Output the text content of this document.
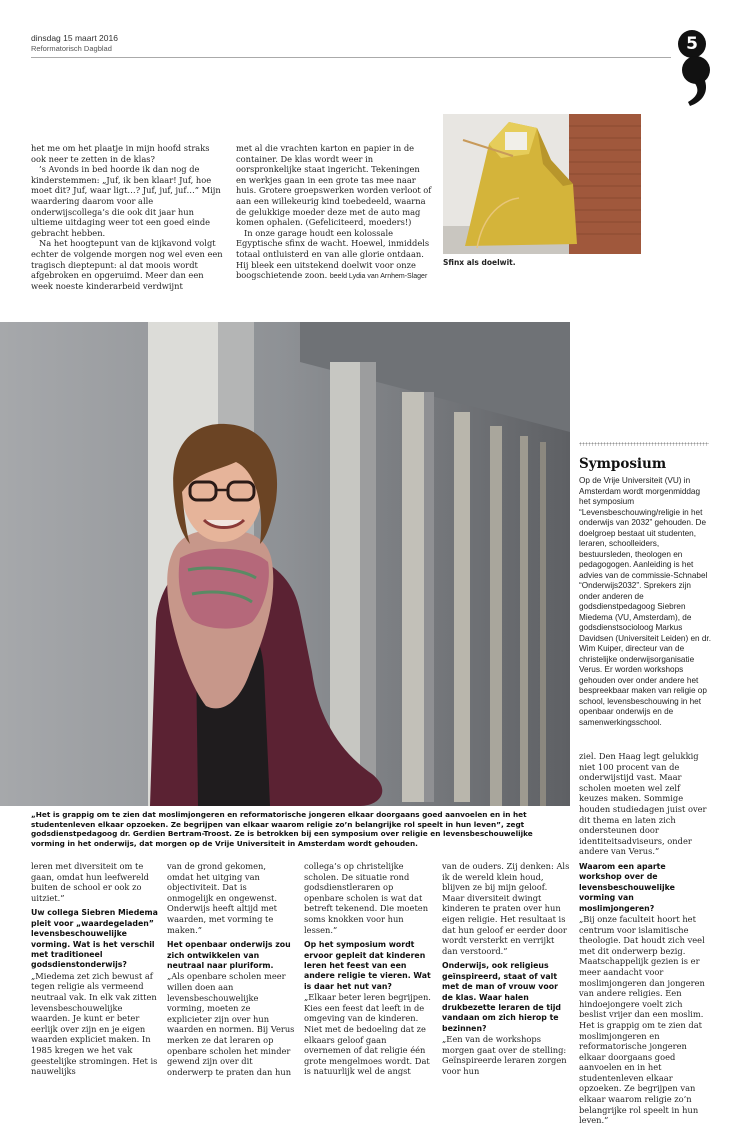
dinsdag 15 maart 2016
Reformatorisch Dagblad	5

het me om het plaatje in mijn hoofd straks ook neer te zetten in de klas?

’s Avonds in bed hoorde ik dan nog de kinderstemmen: „Juf, ik ben klaar! Juf, hoe moet dit? Juf, waar ligt…? Juf, juf, juf…” Mijn waardering daarom voor alle onderwijscollega’s die ook dit jaar hun ultieme uitdaging weer tot een goed einde gebracht hebben.

Na het hoogtepunt van de kijkavond volgt echter de volgende morgen nog wel even een tragisch dieptepunt: al dat moois wordt afgebroken en opgeruimd. Meer dan een week noeste kinderarbeid verdwijnt

met al die vrachten karton en papier in de container. De klas wordt weer in oorspronkelijke staat ingericht. Tekeningen en werkjes gaan in een grote tas mee naar huis. Grotere groepswerken worden verloot of aan een willekeurig kind toebedeeld, waarna de gelukkige moeder deze met de auto mag komen ophalen. (Gefeliciteerd, moeders!)

In onze garage houdt een kolossale Egyptische sfinx de wacht. Hoewel, inmiddels totaal ontluisterd en van alle glorie ontdaan. Hij bleek een uitstekend doelwit voor onze boogschietende zoon. beeld Lydia van Arnhem-Slager

Sfinx als doelwit.
„Het is grappig om te zien dat moslimjongeren en reformatorische jongeren elkaar doorgaans goed aanvoelen en in het studentenleven elkaar opzoeken. Ze begrijpen van elkaar waarom religie zo’n belangrijke rol speelt in hun leven”, zegt godsdienstpedagoog dr. Gerdien Bertram-Troost. Ze is betrokken bij een symposium over religie en levensbeschouwelijke vorming in het onderwijs, dat morgen op de Vrije Universiteit in Amsterdam wordt gehouden.
Symposium
Op de Vrije Universiteit (VU) in Amsterdam wordt morgenmiddag het symposium “Levensbeschouwing/religie in het onderwijs van 2032” gehouden. De doelgroep bestaat uit studenten, leraren, schoolleiders, bestuursleden, theologen en pedagogogen. Aanleiding is het advies van de commissie-Schnabel “Onderwijs2032”. Sprekers zijn onder anderen de godsdienstpedagoog Siebren Miedema (VU, Amsterdam), de godsdienstsocioloog Markus Davidsen (Universiteit Leiden) en dr. Wim Kuiper, directeur van de christelijke onderwijsorganisatie Verus. Er worden workshops gehouden over onder andere het bespreekbaar maken van religie op school, levensbeschouwing in het openbaar onderwijs en de samenwerkingsschool.

ziel. Den Haag legt gelukkig niet 100 procent van de onderwijstijd vast. Maar scholen moeten wel zelf keuzes maken. Sommige houden studiedagen juist over dit thema en laten zich ondersteunen door identiteitsadviseurs, onder andere van Verus.”

Waarom een aparte workshop over de levensbeschouwelijke vorming van moslimjongeren?

„Bij onze faculteit hoort het centrum voor islamitische theologie. Dat houdt zich veel met dit onderwerp bezig. Maatschappelijk gezien is er meer aandacht voor moslimjongeren dan jongeren van andere religies. Een hindoejongere voelt zich beslist vrijer dan een moslim. Het is grappig om te zien dat moslimjongeren en reformatorische jongeren elkaar doorgaans goed aanvoelen en in het studentenleven elkaar opzoeken. Ze begrijpen van elkaar waarom religie zo’n belangrijke rol speelt in hun leven.”

leren met diversiteit om te gaan, omdat hun leefwereld buiten de school er ook zo uitziet.”

Uw collega Siebren Miedema pleit voor „waardegeladen” levensbeschouwelijke vorming. Wat is het verschil met traditioneel godsdienstonderwijs?

„Miedema zet zich bewust af tegen religie als vermeend neutraal vak. In elk vak zitten levensbeschouwelijke waarden. Je kunt er beter eerlijk over zijn en je eigen waarden expliciet maken. In 1985 kregen we het vak geestelijke stromingen. Het is nauwelijks

van de grond gekomen, omdat het uitging van objectiviteit. Dat is onmogelijk en ongewenst. Onderwijs heeft altijd met waarden, met vorming te maken.”

Het openbaar onderwijs zou zich ontwikkelen van neutraal naar pluriform.

„Als openbare scholen meer willen doen aan levensbeschouwelijke vorming, moeten ze explicieter zijn over hun waarden en normen. Bij Verus merken ze dat leraren op openbare scholen het minder gewend zijn over dit onderwerp te praten dan hun

collega’s op christelijke scholen. De situatie rond godsdienstleraren op openbare scholen is wat dat betreft tekenend. Die moeten soms knokken voor hun lessen.”

Op het symposium wordt ervoor gepleit dat kinderen leren het feest van een andere religie te vieren. Wat is daar het nut van?

„Elkaar beter leren begrijpen. Kies een feest dat leeft in de omgeving van de kinderen. Niet met de bedoeling dat ze elkaars geloof gaan overnemen of dat religie één grote mengelmoes wordt. Dat is natuurlijk wel de angst

van de ouders. Zij denken: Als ik de wereld klein houd, blijven ze bij mijn geloof. Maar diversiteit dwingt kinderen te praten over hun eigen religie. Het resultaat is dat hun geloof er eerder door wordt versterkt en verrijkt dan verstoord.”

Onderwijs, ook religieus geïnspireerd, staat of valt met de man of vrouw voor de klas. Waar halen drukbezette leraren de tijd vandaan om zich hierop te bezinnen?

„Een van de workshops morgen gaat over de stelling: Geïnspireerde leraren zorgen voor hun
